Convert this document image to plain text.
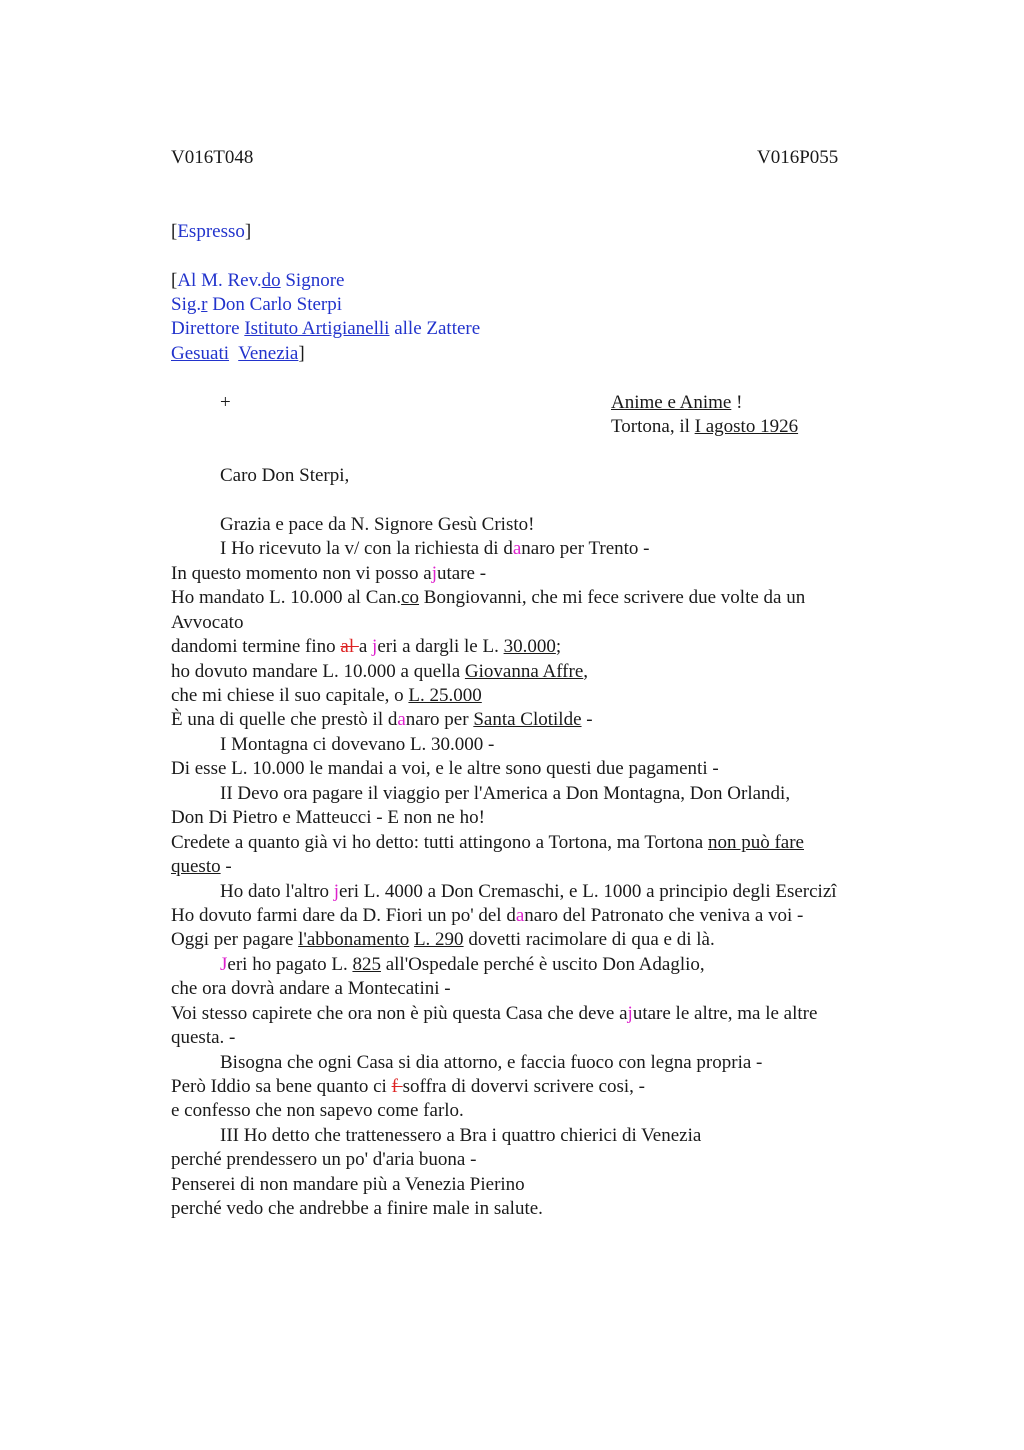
V016T048	V016P055

[Espresso]

[Al M. Rev.do Signore

Sig.r Don Carlo Sterpi

Direttore Istituto Artigianelli alle Zattere

Gesuati Venezia]

+	Anime e Anime !

Tortona, il I agosto 1926

Caro Don Sterpi,

Grazia e pace da N. Signore Gesù Cristo!

I Ho ricevuto la v/ con la richiesta di danaro per Trento -

In questo momento non vi posso ajutare -

Ho mandato L. 10.000 al Can.co Bongiovanni, che mi fece scrivere due volte da un

Avvocato

dandomi termine fino al a jeri a dargli le L. 30.000;

ho dovuto mandare L. 10.000 a quella Giovanna Affre,

che mi chiese il suo capitale, o L. 25.000

È una di quelle che prestò il danaro per Santa Clotilde -

I Montagna ci dovevano L. 30.000 -

Di esse L. 10.000 le mandai a voi, e le altre sono questi due pagamenti -

II Devo ora pagare il viaggio per l'America a Don Montagna, Don Orlandi,

Don Di Pietro e Matteucci - E non ne ho!

Credete a quanto già vi ho detto: tutti attingono a Tortona, ma Tortona non può fare

questo -

Ho dato l'altro jeri L. 4000 a Don Cremaschi, e L. 1000 a principio degli Esercizi

Ho dovuto farmi dare da D. Fiori un po' del danaro del Patronato che veniva a voi -

Oggi per pagare l'abbonamento L. 290 dovetti racimolare di qua e di là.

Jeri ho pagato L. 825 all'Ospedale perché è uscito Don Adaglio,

che ora dovrà andare a Montecatini -

Voi stesso capirete che ora non è più questa Casa che deve ajutare le altre, ma le altre

questa. -

Bisogna che ogni Casa si dia attorno, e faccia fuoco con legna propria -

Però Iddio sa bene quanto ci f soffra di dovervi scrivere cosi, -

e confesso che non sapevo come farlo.

III Ho detto che trattenessero a Bra i quattro chierici di Venezia

perché prendessero un po' d'aria buona -

Penserei di non mandare più a Venezia Pierino

perché vedo che andrebbe a finire male in salute.
